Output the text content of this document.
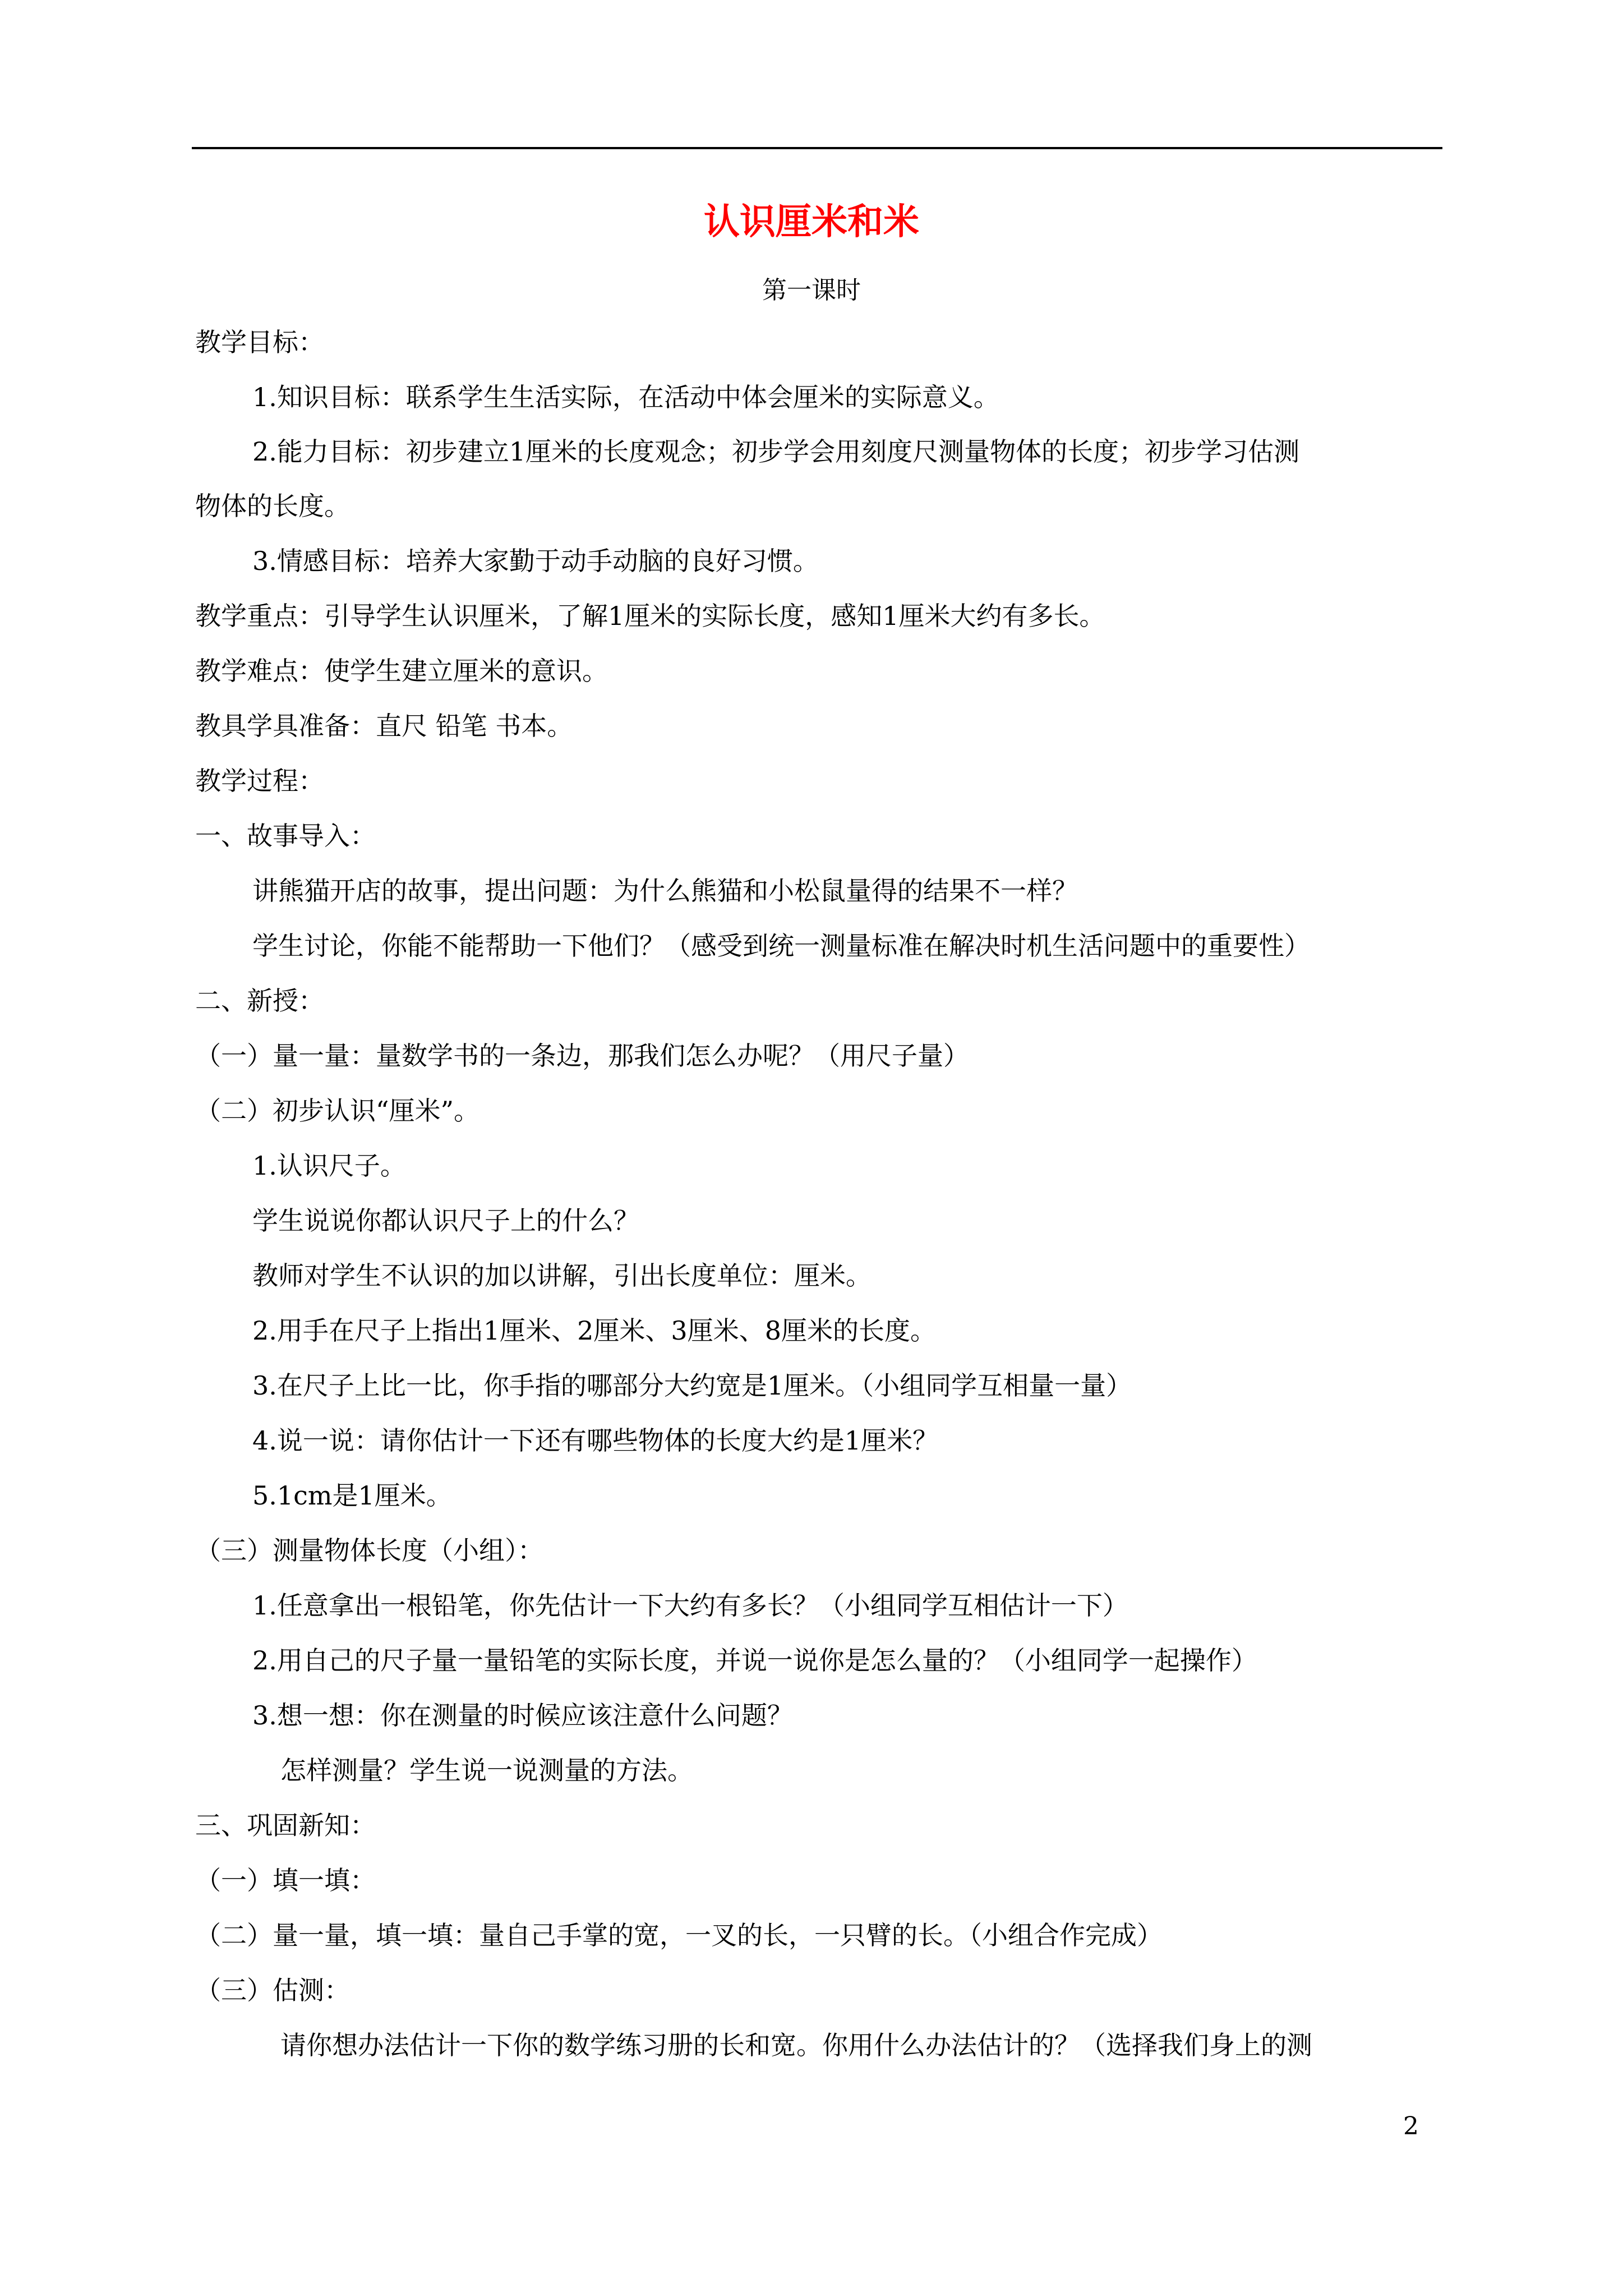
认识厘米和米
第一课时
教学目标：
1.知识目标：联系学生生活实际，在活动中体会厘米的实际意义。
2.能力目标：初步建立1厘米的长度观念；初步学会用刻度尺测量物体的长度；初步学习估测
物体的长度。
3.情感目标：培养大家勤于动手动脑的良好习惯。
教学重点：引导学生认识厘米，了解1厘米的实际长度，感知1厘米大约有多长。
教学难点：使学生建立厘米的意识。
教具学具准备：直尺 铅笔 书本。
教学过程：
一、故事导入：
讲熊猫开店的故事，提出问题：为什么熊猫和小松鼠量得的结果不一样？
学生讨论，你能不能帮助一下他们？（感受到统一测量标准在解决时机生活问题中的重要性）
二、新授：
（一）量一量：量数学书的一条边，那我们怎么办呢？（用尺子量）
（二）初步认识“厘米”。
1.认识尺子。
学生说说你都认识尺子上的什么？
教师对学生不认识的加以讲解，引出长度单位：厘米。
2.用手在尺子上指出1厘米、2厘米、3厘米、8厘米的长度。
3.在尺子上比一比，你手指的哪部分大约宽是1厘米。（小组同学互相量一量）
4.说一说：请你估计一下还有哪些物体的长度大约是1厘米？
5.1cm是1厘米。
（三）测量物体长度（小组）：
1.任意拿出一根铅笔，你先估计一下大约有多长？（小组同学互相估计一下）
2.用自己的尺子量一量铅笔的实际长度，并说一说你是怎么量的？（小组同学一起操作）
3.想一想：你在测量的时候应该注意什么问题？
怎样测量？学生说一说测量的方法。
三、巩固新知：
（一）填一填：
（二）量一量，填一填：量自己手掌的宽，一叉的长，一只臂的长。（小组合作完成）
（三）估测：
请你想办法估计一下你的数学练习册的长和宽。你用什么办法估计的？（选择我们身上的测
2
